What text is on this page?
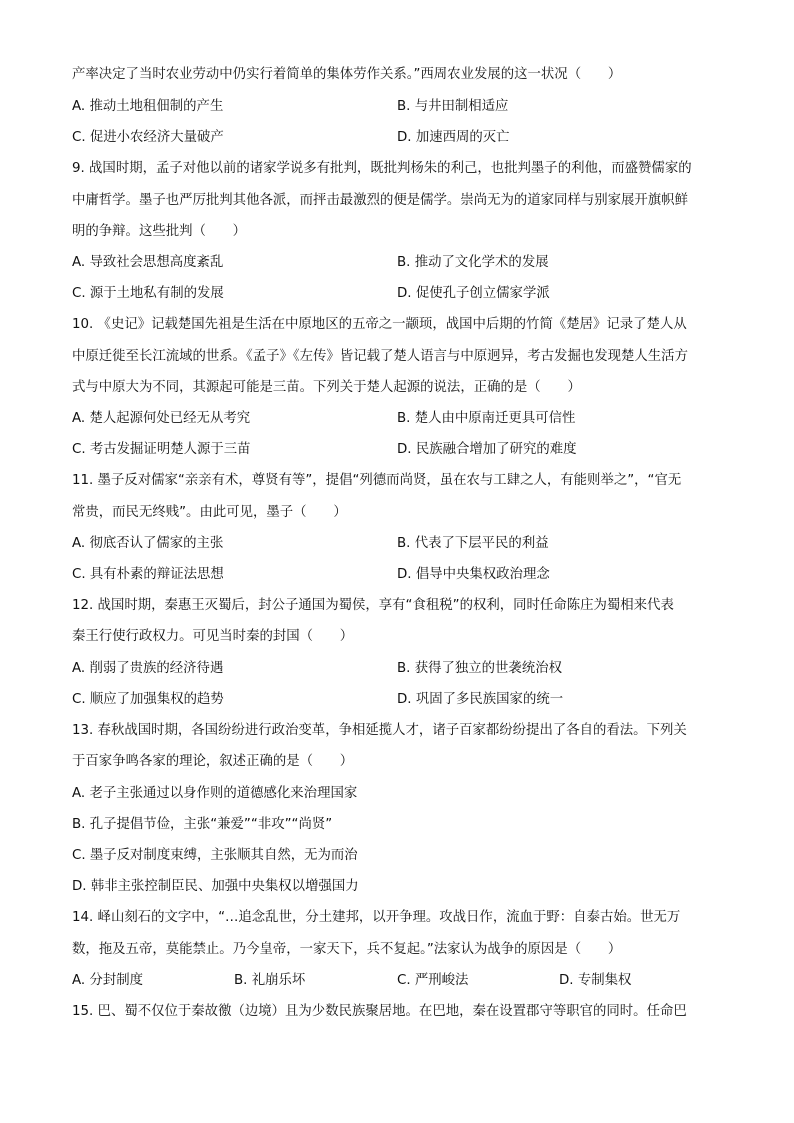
产率决定了当时农业劳动中仍实行着简单的集体劳作关系。”西周农业发展的这一状况（　　）
A. 推动土地租佃制的产生	B. 与井田制相适应
C. 促进小农经济大量破产	D. 加速西周的灭亡
9. 战国时期，孟子对他以前的诸家学说多有批判，既批判杨朱的利己，也批判墨子的利他，而盛赞儒家的
中庸哲学。墨子也严厉批判其他各派，而抨击最激烈的便是儒学。崇尚无为的道家同样与别家展开旗帜鲜
明的争辩。这些批判（　　）
A. 导致社会思想高度紊乱	B. 推动了文化学术的发展
C. 源于土地私有制的发展	D. 促使孔子创立儒家学派
10. 《史记》记载楚国先祖是生活在中原地区的五帝之一颛顼，战国中后期的竹简《楚居》记录了楚人从
中原迁徙至长江流域的世系。《孟子》《左传》皆记载了楚人语言与中原迥异，考古发掘也发现楚人生活方
式与中原大为不同，其源起可能是三苗。下列关于楚人起源的说法，正确的是（　　）
A. 楚人起源何处已经无从考究	B. 楚人由中原南迁更具可信性
C. 考古发掘证明楚人源于三苗	D. 民族融合增加了研究的难度
11. 墨子反对儒家“亲亲有术，尊贤有等”，提倡“列德而尚贤，虽在农与工肆之人，有能则举之”，“官无
常贵，而民无终贱”。由此可见，墨子（　　）
A. 彻底否认了儒家的主张	B. 代表了下层平民的利益
C. 具有朴素的辩证法思想	D. 倡导中央集权政治理念
12. 战国时期，秦惠王灭蜀后，封公子通国为蜀侯，享有“食租税”的权利，同时任命陈庄为蜀相来代表
秦王行使行政权力。可见当时秦的封国（　　）
A. 削弱了贵族的经济待遇	B. 获得了独立的世袭统治权
C. 顺应了加强集权的趋势	D. 巩固了多民族国家的统一
13. 春秋战国时期，各国纷纷进行政治变革，争相延揽人才，诸子百家都纷纷提出了各自的看法。下列关
于百家争鸣各家的理论，叙述正确的是（　　）
A. 老子主张通过以身作则的道德感化来治理国家
B. 孔子提倡节俭，主张“兼爱”“非攻”“尚贤”
C. 墨子反对制度束缚，主张顺其自然，无为而治
D. 韩非主张控制臣民、加强中央集权以增强国力
14. 峄山刻石的文字中，“…追念乱世，分土建邦，以开争理。攻战日作，流血于野：自泰古始。世无万
数，拖及五帝，莫能禁止。乃今皇帝，一家天下，兵不复起。”法家认为战争的原因是（　　）
A. 分封制度	B. 礼崩乐坏	C. 严刑峻法	D. 专制集权
15. 巴、蜀不仅位于秦故徼（边境）且为少数民族聚居地。在巴地，秦在设置郡守等职官的同时。任命巴
